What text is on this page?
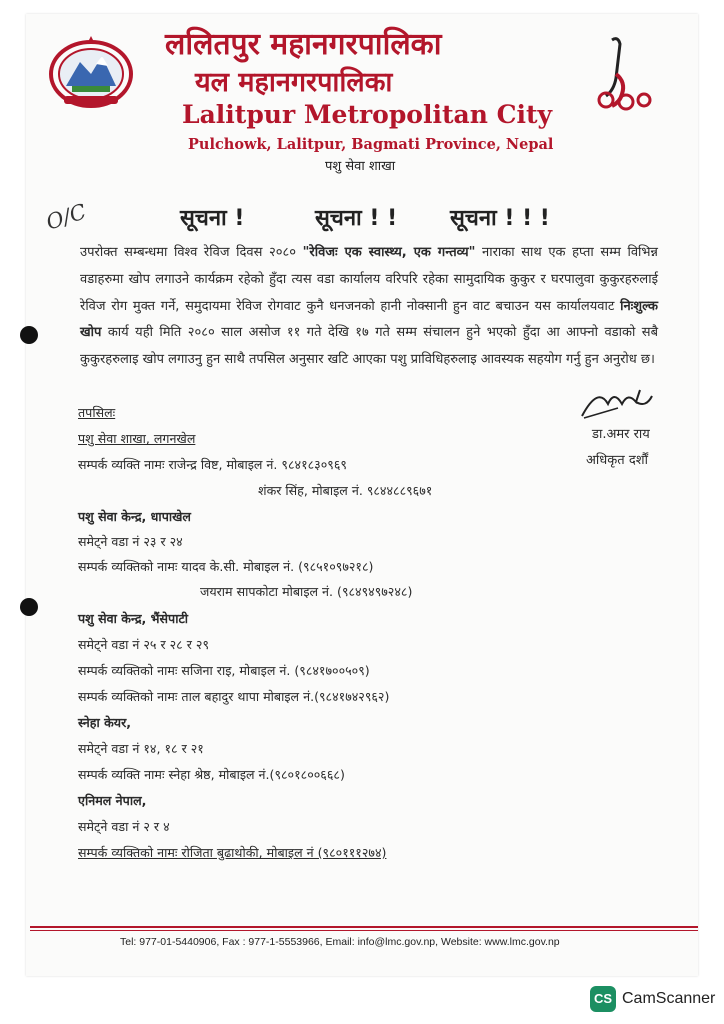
ललितपुर महानगरपालिका
यल महानगरपालिका
Lalitpur Metropolitan City
Pulchowk, Lalitpur, Bagmati Province, Nepal
पशु सेवा शाखा
O/C	सूचना !	सूचना ! ! सूचना ! ! !
उपरोक्त सम्बन्धमा विश्व रेविज दिवस २०८० "रेविजः एक स्वास्थ्य, एक गन्तव्य" नाराका साथ एक हप्ता सम्म विभिन्न वडाहरुमा खोप लगाउने कार्यक्रम रहेको हुँदा त्यस वडा कार्यालय वरिपरि रहेका सामुदायिक कुकुर र घरपालुवा कुकुरहरुलाई रेविज रोग मुक्त गर्ने, समुदायमा रेविज रोगवाट कुनै धनजनको हानी नोक्सानी हुन वाट बचाउन यस कार्यालयवाट निःशुल्क खोप कार्य यही मिति २०८० साल असोज ११ गते देखि १७ गते सम्म संचालन हुने भएको हुँदा आ आफ्नो वडाको सबै कुकुरहरुलाइ खोप लगाउनु हुन साथै तपसिल अनुसार खटि आएका पशु प्राविधिहरुलाइ आवस्यक सहयोग गर्नु हुन अनुरोध छ।
डा.अमर राय
अधिकृत दर्शौं
तपसिलः
पशु सेवा शाखा, लगनखेल
सम्पर्क व्यक्ति नामः राजेन्द्र विष्ट, मोबाइल नं. ९८४१८३०९६९
शंकर सिंह, मोबाइल नं. ९८४४८८९६७१
पशु सेवा केन्द्र, धापाखेल
समेट्ने वडा नं २३ र २४
सम्पर्क व्यक्तिको नामः यादव के.सी. मोबाइल नं. (९८५१०९७२१८)
जयराम सापकोटा मोबाइल नं. (९८४९४९७२४८)
पशु सेवा केन्द्र, भैंसेपाटी
समेट्ने वडा नं २५ र २८ र २९
सम्पर्क व्यक्तिको नामः सजिना राइ, मोबाइल नं. (९८४१७००५०९)
सम्पर्क व्यक्तिको नामः ताल बहादुर थापा मोबाइल नं.(९८४१७४२९६२)
स्नेहा केयर,
समेट्ने वडा नं १४, १८ र २१
सम्पर्क व्यक्ति नामः स्नेहा श्रेष्ठ, मोबाइल नं.(९८०१८००६६८)
एनिमल नेपाल,
समेट्ने वडा नं २ र ४
सम्पर्क व्यक्तिको नामः रोजिता बुढाथोकी, मोबाइल नं (९८०१११२७४)
Tel: 977-01-5440906, Fax : 977-1-5553966, Email: info@lmc.gov.np, Website: www.lmc.gov.np
CS CamScanner
